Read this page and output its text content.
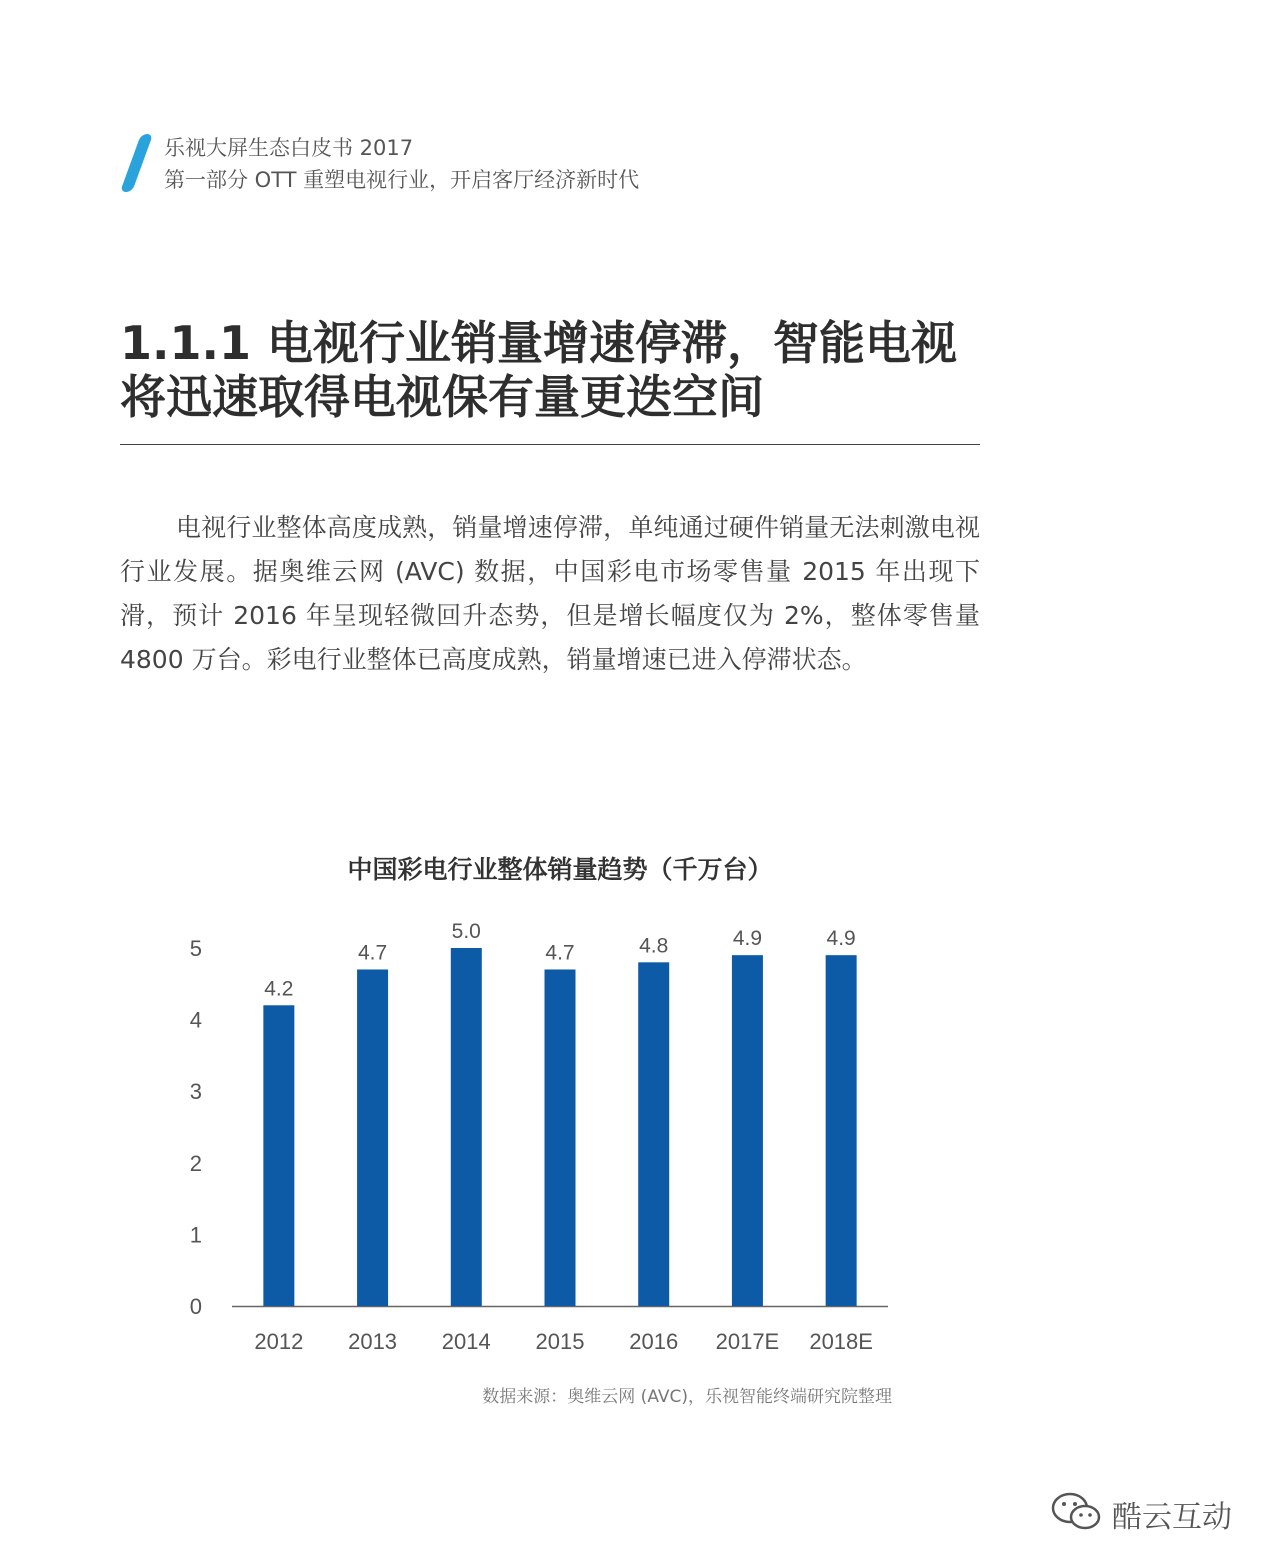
乐视大屏生态白皮书 2017
第一部分 OTT 重塑电视行业，开启客厅经济新时代
1.1.1 电视行业销量增速停滞，智能电视将迅速取得电视保有量更迭空间

电视行业整体高度成熟，销量增速停滞，单纯通过硬件销量无法刺激电视行业发展。据奥维云网 (AVC) 数据，中国彩电市场零售量 2015 年出现下滑，预计 2016 年呈现轻微回升态势，但是增长幅度仅为 2%，整体零售量 4800 万台。彩电行业整体已高度成熟，销量增速已进入停滞状态。

中国彩电行业整体销量趋势（千万台）
0
1
2
3
4
5
4.2
2012
4.7
2013
5.0
2014
4.7
2015
4.8
2016
4.9
2017E
4.9
2018E
数据来源：奥维云网 (AVC)，乐视智能终端研究院整理
酷云互动
